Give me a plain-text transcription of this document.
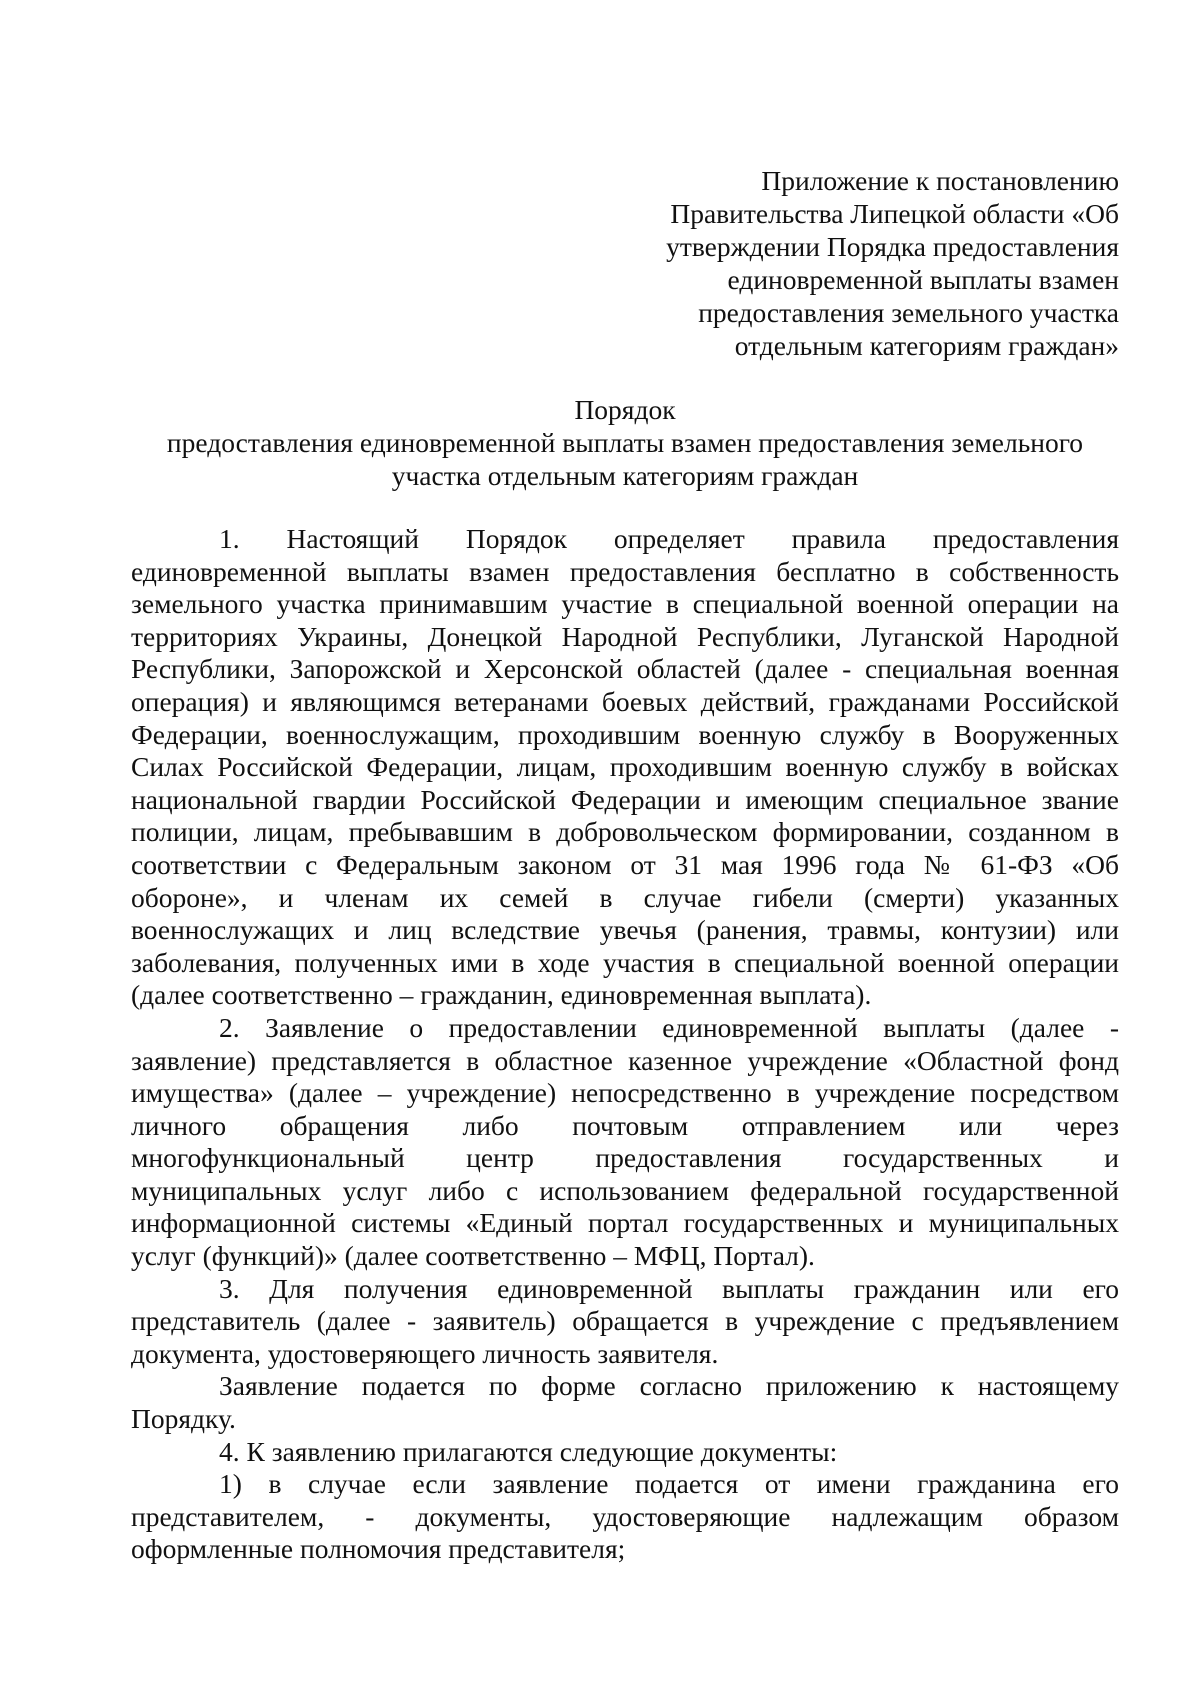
Приложение к постановлению
Правительства Липецкой области «Об
утверждении Порядка предоставления
единовременной выплаты взамен
предоставления земельного участка
отдельным категориям граждан»
Порядок
предоставления единовременной выплаты взамен предоставления земельного
участка отдельным категориям граждан
1. Настоящий Порядок определяет правила предоставления
единовременной выплаты взамен предоставления бесплатно в собственность
земельного участка принимавшим участие в специальной военной операции на
территориях Украины, Донецкой Народной Республики, Луганской Народной
Республики, Запорожской и Херсонской областей (далее - специальная военная
операция) и являющимся ветеранами боевых действий, гражданами Российской
Федерации, военнослужащим, проходившим военную службу в Вооруженных
Силах Российской Федерации, лицам, проходившим военную службу в войсках
национальной гвардии Российской Федерации и имеющим специальное звание
полиции, лицам, пребывавшим в добровольческом формировании, созданном в
соответствии с Федеральным законом от 31 мая 1996 года № 61-ФЗ «Об
обороне», и членам их семей в случае гибели (смерти) указанных
военнослужащих и лиц вследствие увечья (ранения, травмы, контузии) или
заболевания, полученных ими в ходе участия в специальной военной операции
(далее соответственно – гражданин, единовременная выплата).
2. Заявление о предоставлении единовременной выплаты (далее -
заявление) представляется в областное казенное учреждение «Областной фонд
имущества» (далее – учреждение) непосредственно в учреждение посредством
личного обращения либо почтовым отправлением или через
многофункциональный центр предоставления государственных и
муниципальных услуг либо с использованием федеральной государственной
информационной системы «Единый портал государственных и муниципальных
услуг (функций)» (далее соответственно – МФЦ, Портал).
3. Для получения единовременной выплаты гражданин или его
представитель (далее - заявитель) обращается в учреждение с предъявлением
документа, удостоверяющего личность заявителя.
Заявление подается по форме согласно приложению к настоящему
Порядку.
4. К заявлению прилагаются следующие документы:
1) в случае если заявление подается от имени гражданина его
представителем, - документы, удостоверяющие надлежащим образом
оформленные полномочия представителя;
